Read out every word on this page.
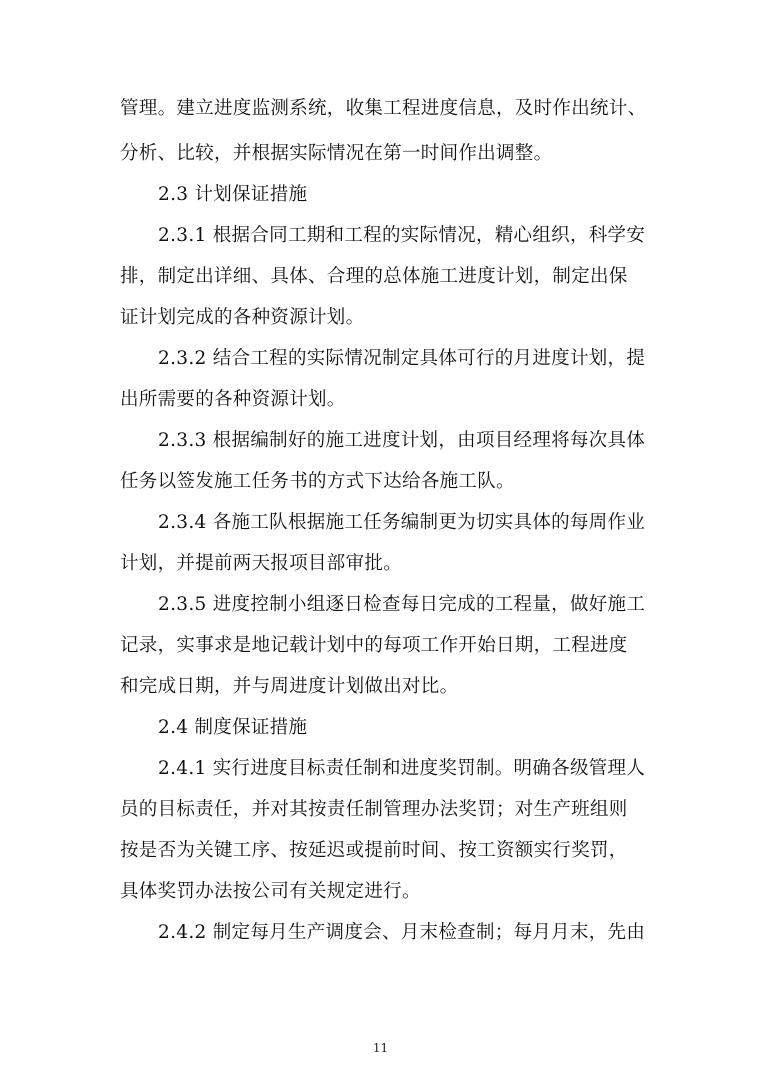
管理。建立进度监测系统，收集工程进度信息，及时作出统计、
分析、比较，并根据实际情况在第一时间作出调整。
2.3 计划保证措施
2.3.1 根据合同工期和工程的实际情况，精心组织，科学安
排，制定出详细、具体、合理的总体施工进度计划，制定出保
证计划完成的各种资源计划。
2.3.2 结合工程的实际情况制定具体可行的月进度计划，提
出所需要的各种资源计划。
2.3.3 根据编制好的施工进度计划，由项目经理将每次具体
任务以签发施工任务书的方式下达给各施工队。
2.3.4 各施工队根据施工任务编制更为切实具体的每周作业
计划，并提前两天报项目部审批。
2.3.5 进度控制小组逐日检查每日完成的工程量，做好施工
记录，实事求是地记载计划中的每项工作开始日期，工程进度
和完成日期，并与周进度计划做出对比。
2.4 制度保证措施
2.4.1 实行进度目标责任制和进度奖罚制。明确各级管理人
员的目标责任，并对其按责任制管理办法奖罚；对生产班组则
按是否为关键工序、按延迟或提前时间、按工资额实行奖罚，
具体奖罚办法按公司有关规定进行。
2.4.2 制定每月生产调度会、月末检查制；每月月末，先由
11
